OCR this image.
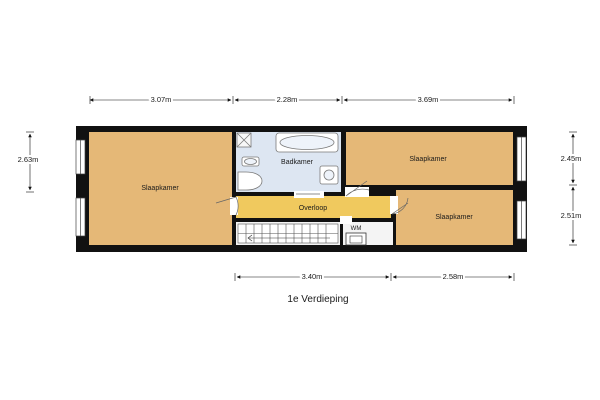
Slaapkamer
Badkamer	Slaapkamer
Overloop
Slaapkamer
WM
3.07m	2.28m	3.69m
2.63m	2.45m
2.51m
3.40m	2.58m
1e Verdieping
